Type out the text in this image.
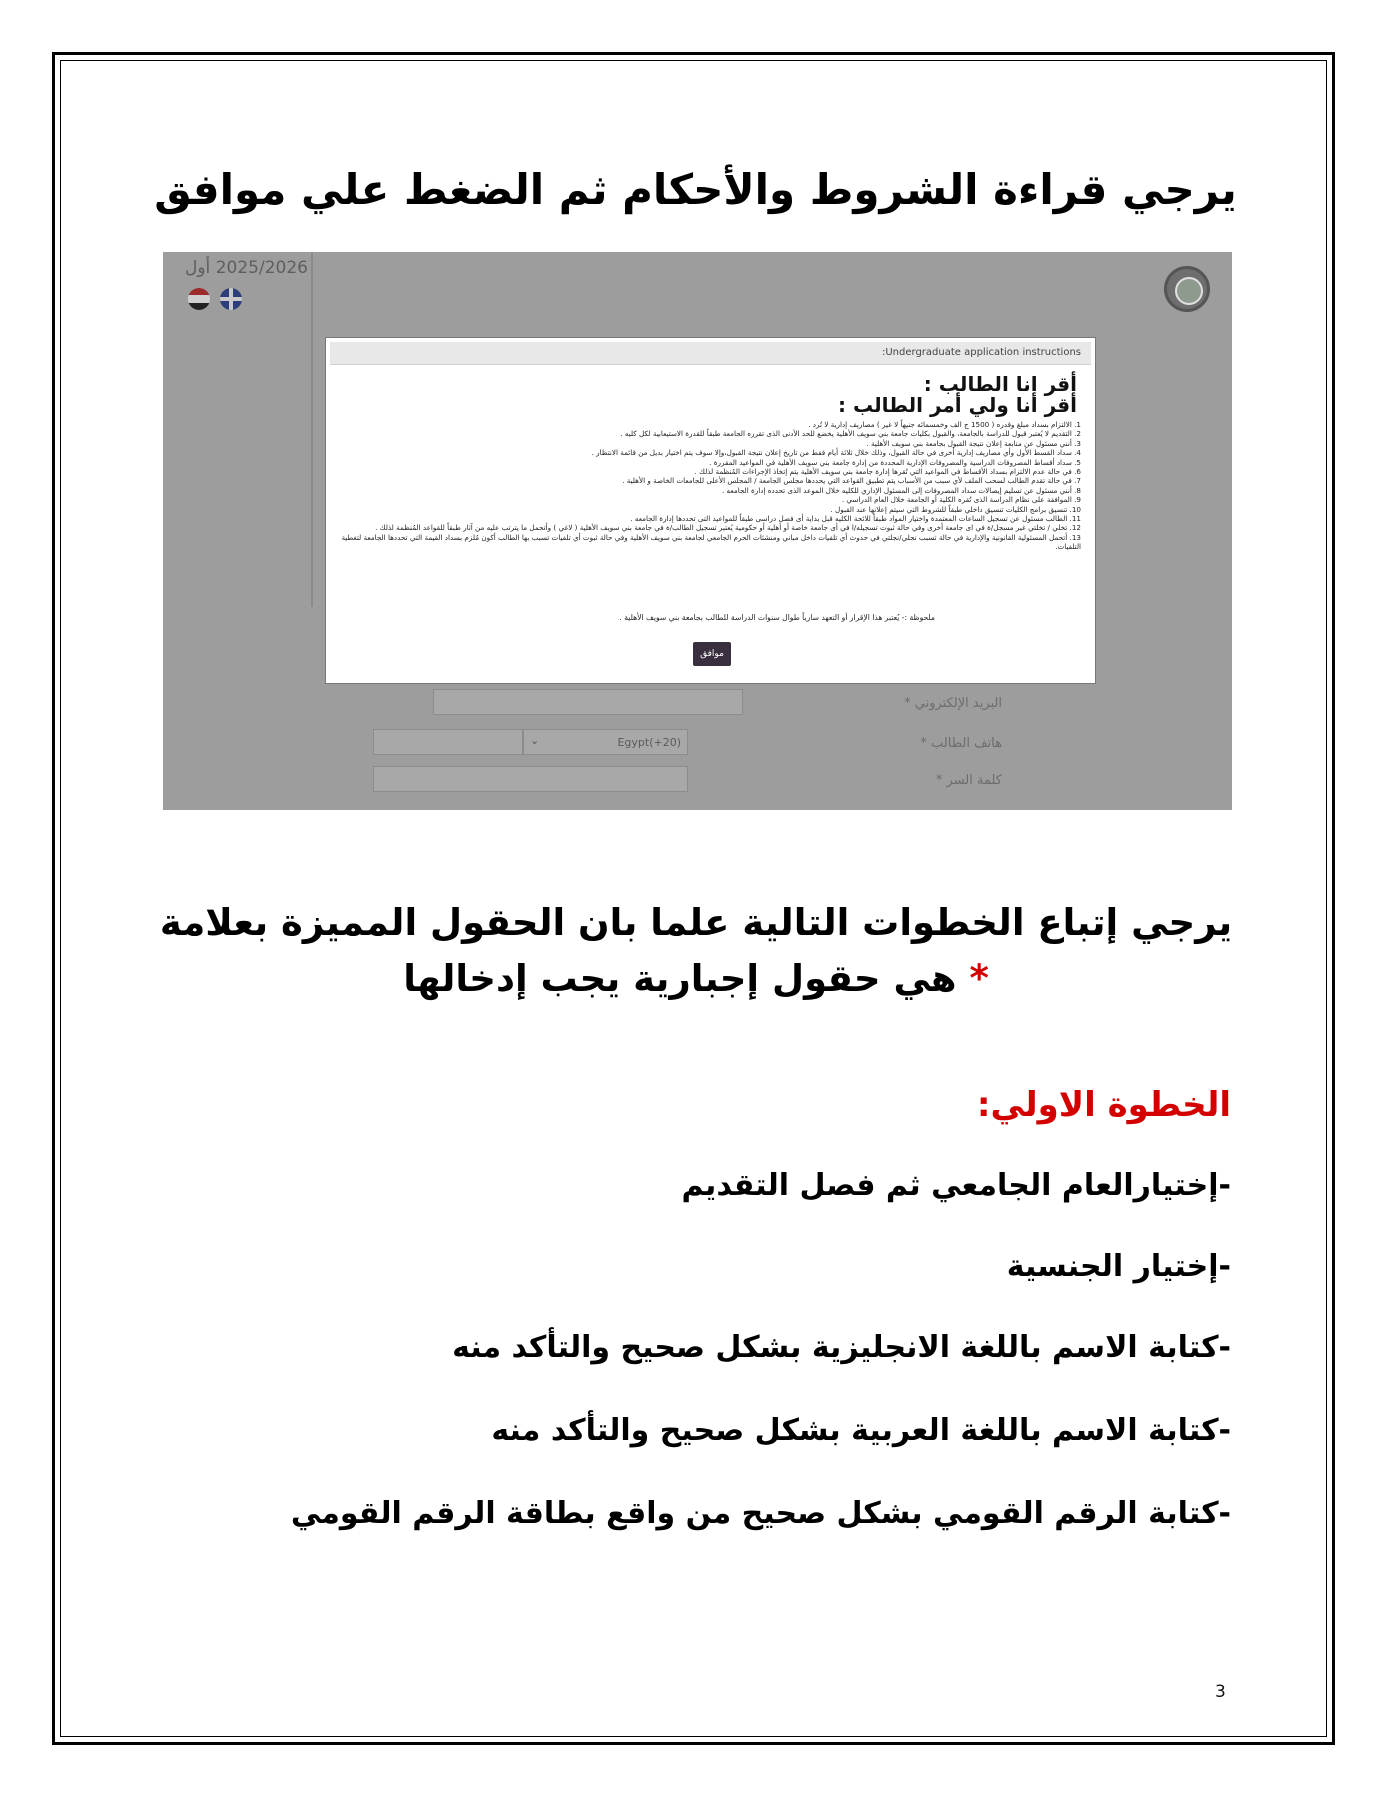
يرجي قراءة الشروط والأحكام ثم الضغط علي موافق
2025/2026 أول
البريد الإلكتروني *
⌄	Egypt(+20)	هاتف الطالب *
كلمة السر *
:Undergraduate application instructions
أقر انا الطالب :
أقر أنا ولي أمر الطالب :
1. الالتزام بسداد مبلغ وقدره ( 1500 ج الف وخمسمائه جنيهاً لا غير ) مصاريف إدارية لا تُرد .
2. التقديم لا يُعتبر قبول للدراسة بالجامعة، والقبول بكليات جامعة بني سويف الأهلية يخضع للحد الأدنى الذى تقرره الجامعة طبقاً للقدرة الاستيعابية لكل كليه .
3. أنني مسئول عن متابعة إعلان نتيجة القبول بجامعة بني سويف الأهلية .
4. سداد القسط الأول وأي مصاريف إدارية أخرى في حالة القبول، وذلك خلال ثلاثة أيام فقط من تاريخ إعلان نتيجة القبول،وإلا سوف يتم اختيار بديل من قائمة الانتظار .
5. سداد أقساط المصروفات الدراسية والمصروفات الإدارية المحددة من إدارة جامعة بني سويف الأهلية في المواعيد المقررة .
6. في حالة عدم الالتزام بسداد الأقساط في المواعيد التي تُقرها إدارة جامعة بني سويف الأهلية يتم إتخاذ الإجراءات المُنظمة لذلك .
7. في حالة تقدم الطالب لسحب الملف لأي سبب من الأسباب يتم تطبيق القواعد التي يحددها مجلس الجامعة / المجلس الأعلى للجامعات الخاصة و الأهلية .
8. أنني مسئول عن تسليم إيصالات سداد المصروفات إلى المسئول الإداري للكليه خلال الموعد الذى تحدده إدارة الجامعه .
9. الموافقة على نظام الدراسة الذى تُقره الكلية أو الجامعة خلال العام الدراسي .
10. تنسيق برامج الكليات تنسيق داخلي طبقاً للشروط التي سيتم إعلانها عند القبول .
11. الطالب مسئول عن تسجيل الساعات المعتمدة واختيار المواد طبقاً للائحة الكليه قبل بداية أى فصل دراسى طبقاً للمواعيد التى تحددها إدارة الجامعه .
12. تخلي / تخلتي غير مسجل/ة في اى جامعة أخرى وفي حالة ثبوت تسجيله/ا في أى جامعة خاصة أو أهلية أو حكومية يُعتبر تسجيل الطالب/ة في جامعة بني سويف الأهلية ( لاغي ) وأتحمل ما يترتب عليه من آثار طبقاً للقواعد المُنظمة لذلك .
13. أتحمل المسئولية القانونية والإدارية في حالة تسبب نجلي/نجلتي في حدوث أي تلفيات داخل مباني ومنشئات الحرم الجامعي لجامعة بني سويف الأهلية وفي حالة ثبوت أي تلفيات تسبب بها الطالب أكون مُلزم بسداد القيمة التي تحددها الجامعة لتغطية التلفيات.
ملحوظة :- يُعتبر هذا الإقرار أو التعهد سارياً طوال سنوات الدراسة للطالب بجامعة بني سويف الأهلية .
موافق
يرجي إتباع الخطوات التالية علما بان الحقول المميزة بعلامة * هي حقول إجبارية يجب إدخالها
الخطوة الاولي:
-إختيارالعام الجامعي ثم فصل التقديم
-إختيار الجنسية
-كتابة الاسم باللغة الانجليزية بشكل صحيح والتأكد منه
-كتابة الاسم باللغة العربية بشكل صحيح والتأكد منه
-كتابة الرقم القومي بشكل صحيح من واقع بطاقة الرقم القومي
3
